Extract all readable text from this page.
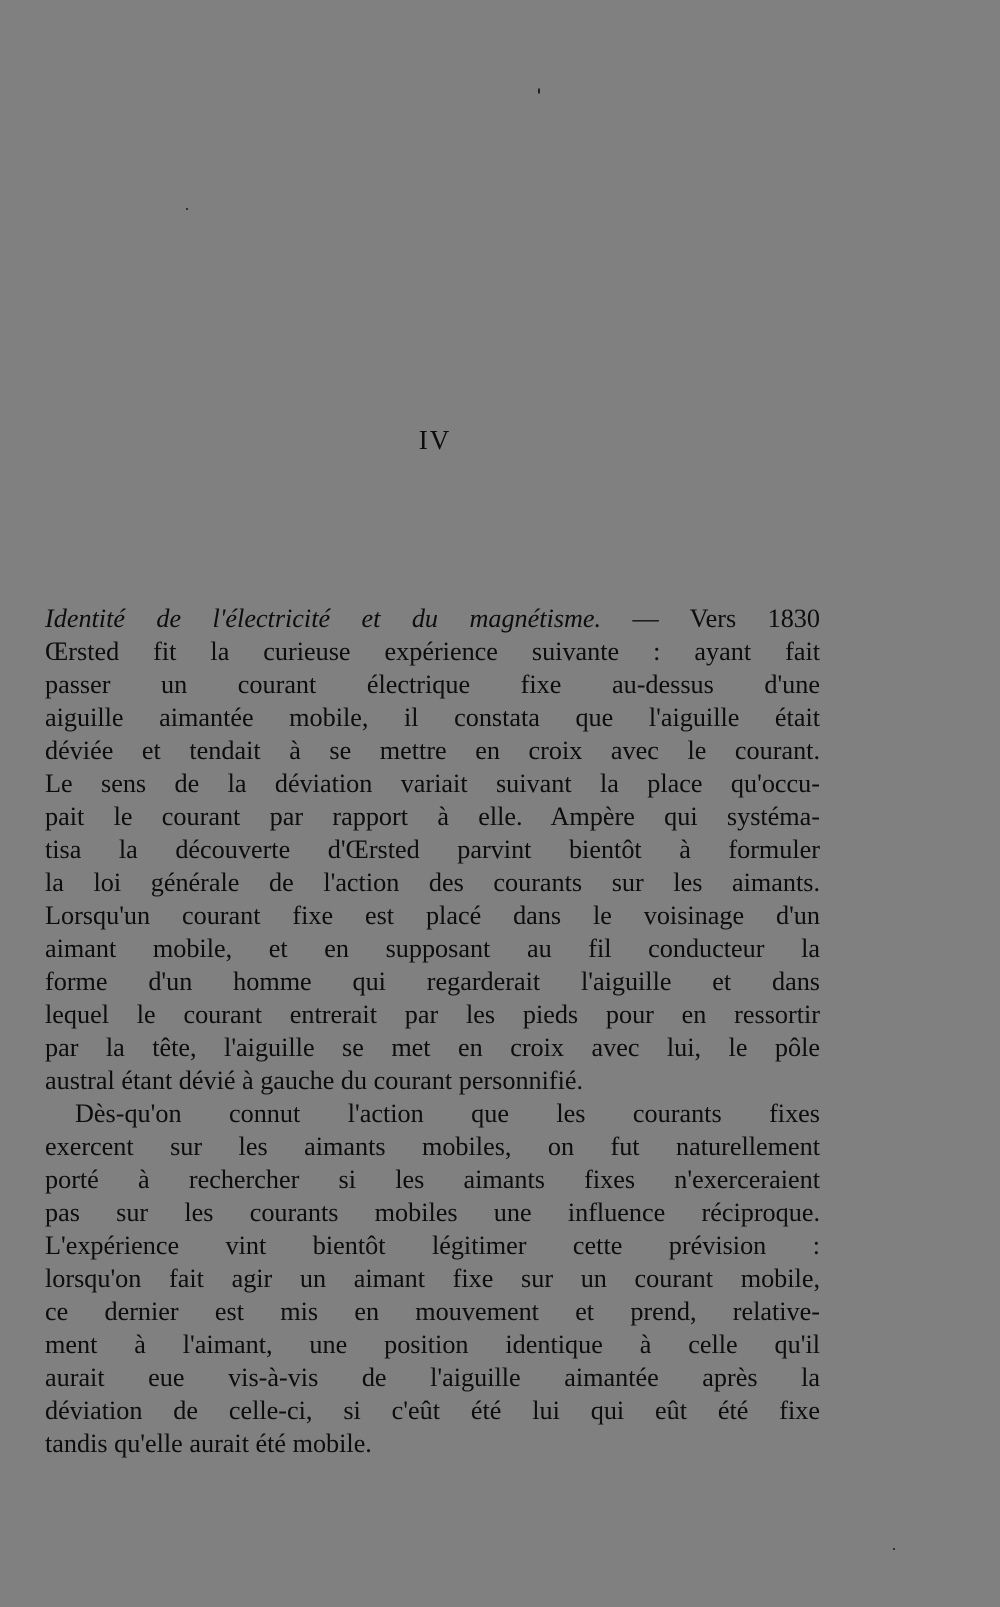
IV
Identité de l'électricité et du magnétisme. — Vers 1830
Œrsted fit la curieuse expérience suivante : ayant fait
passer un courant électrique fixe au-dessus d'une
aiguille aimantée mobile, il constata que l'aiguille était
déviée et tendait à se mettre en croix avec le courant.
Le sens de la déviation variait suivant la place qu'occu-
pait le courant par rapport à elle. Ampère qui systéma-
tisa la découverte d'Œrsted parvint bientôt à formuler
la loi générale de l'action des courants sur les aimants.
Lorsqu'un courant fixe est placé dans le voisinage d'un
aimant mobile, et en supposant au fil conducteur la
forme d'un homme qui regarderait l'aiguille et dans
lequel le courant entrerait par les pieds pour en ressortir
par la tête, l'aiguille se met en croix avec lui, le pôle
austral étant dévié à gauche du courant personnifié.
Dès-qu'on connut l'action que les courants fixes
exercent sur les aimants mobiles, on fut naturellement
porté à rechercher si les aimants fixes n'exerceraient
pas sur les courants mobiles une influence réciproque.
L'expérience vint bientôt légitimer cette prévision :
lorsqu'on fait agir un aimant fixe sur un courant mobile,
ce dernier est mis en mouvement et prend, relative-
ment à l'aimant, une position identique à celle qu'il
aurait eue vis-à-vis de l'aiguille aimantée après la
déviation de celle-ci, si c'eût été lui qui eût été fixe
tandis qu'elle aurait été mobile.
